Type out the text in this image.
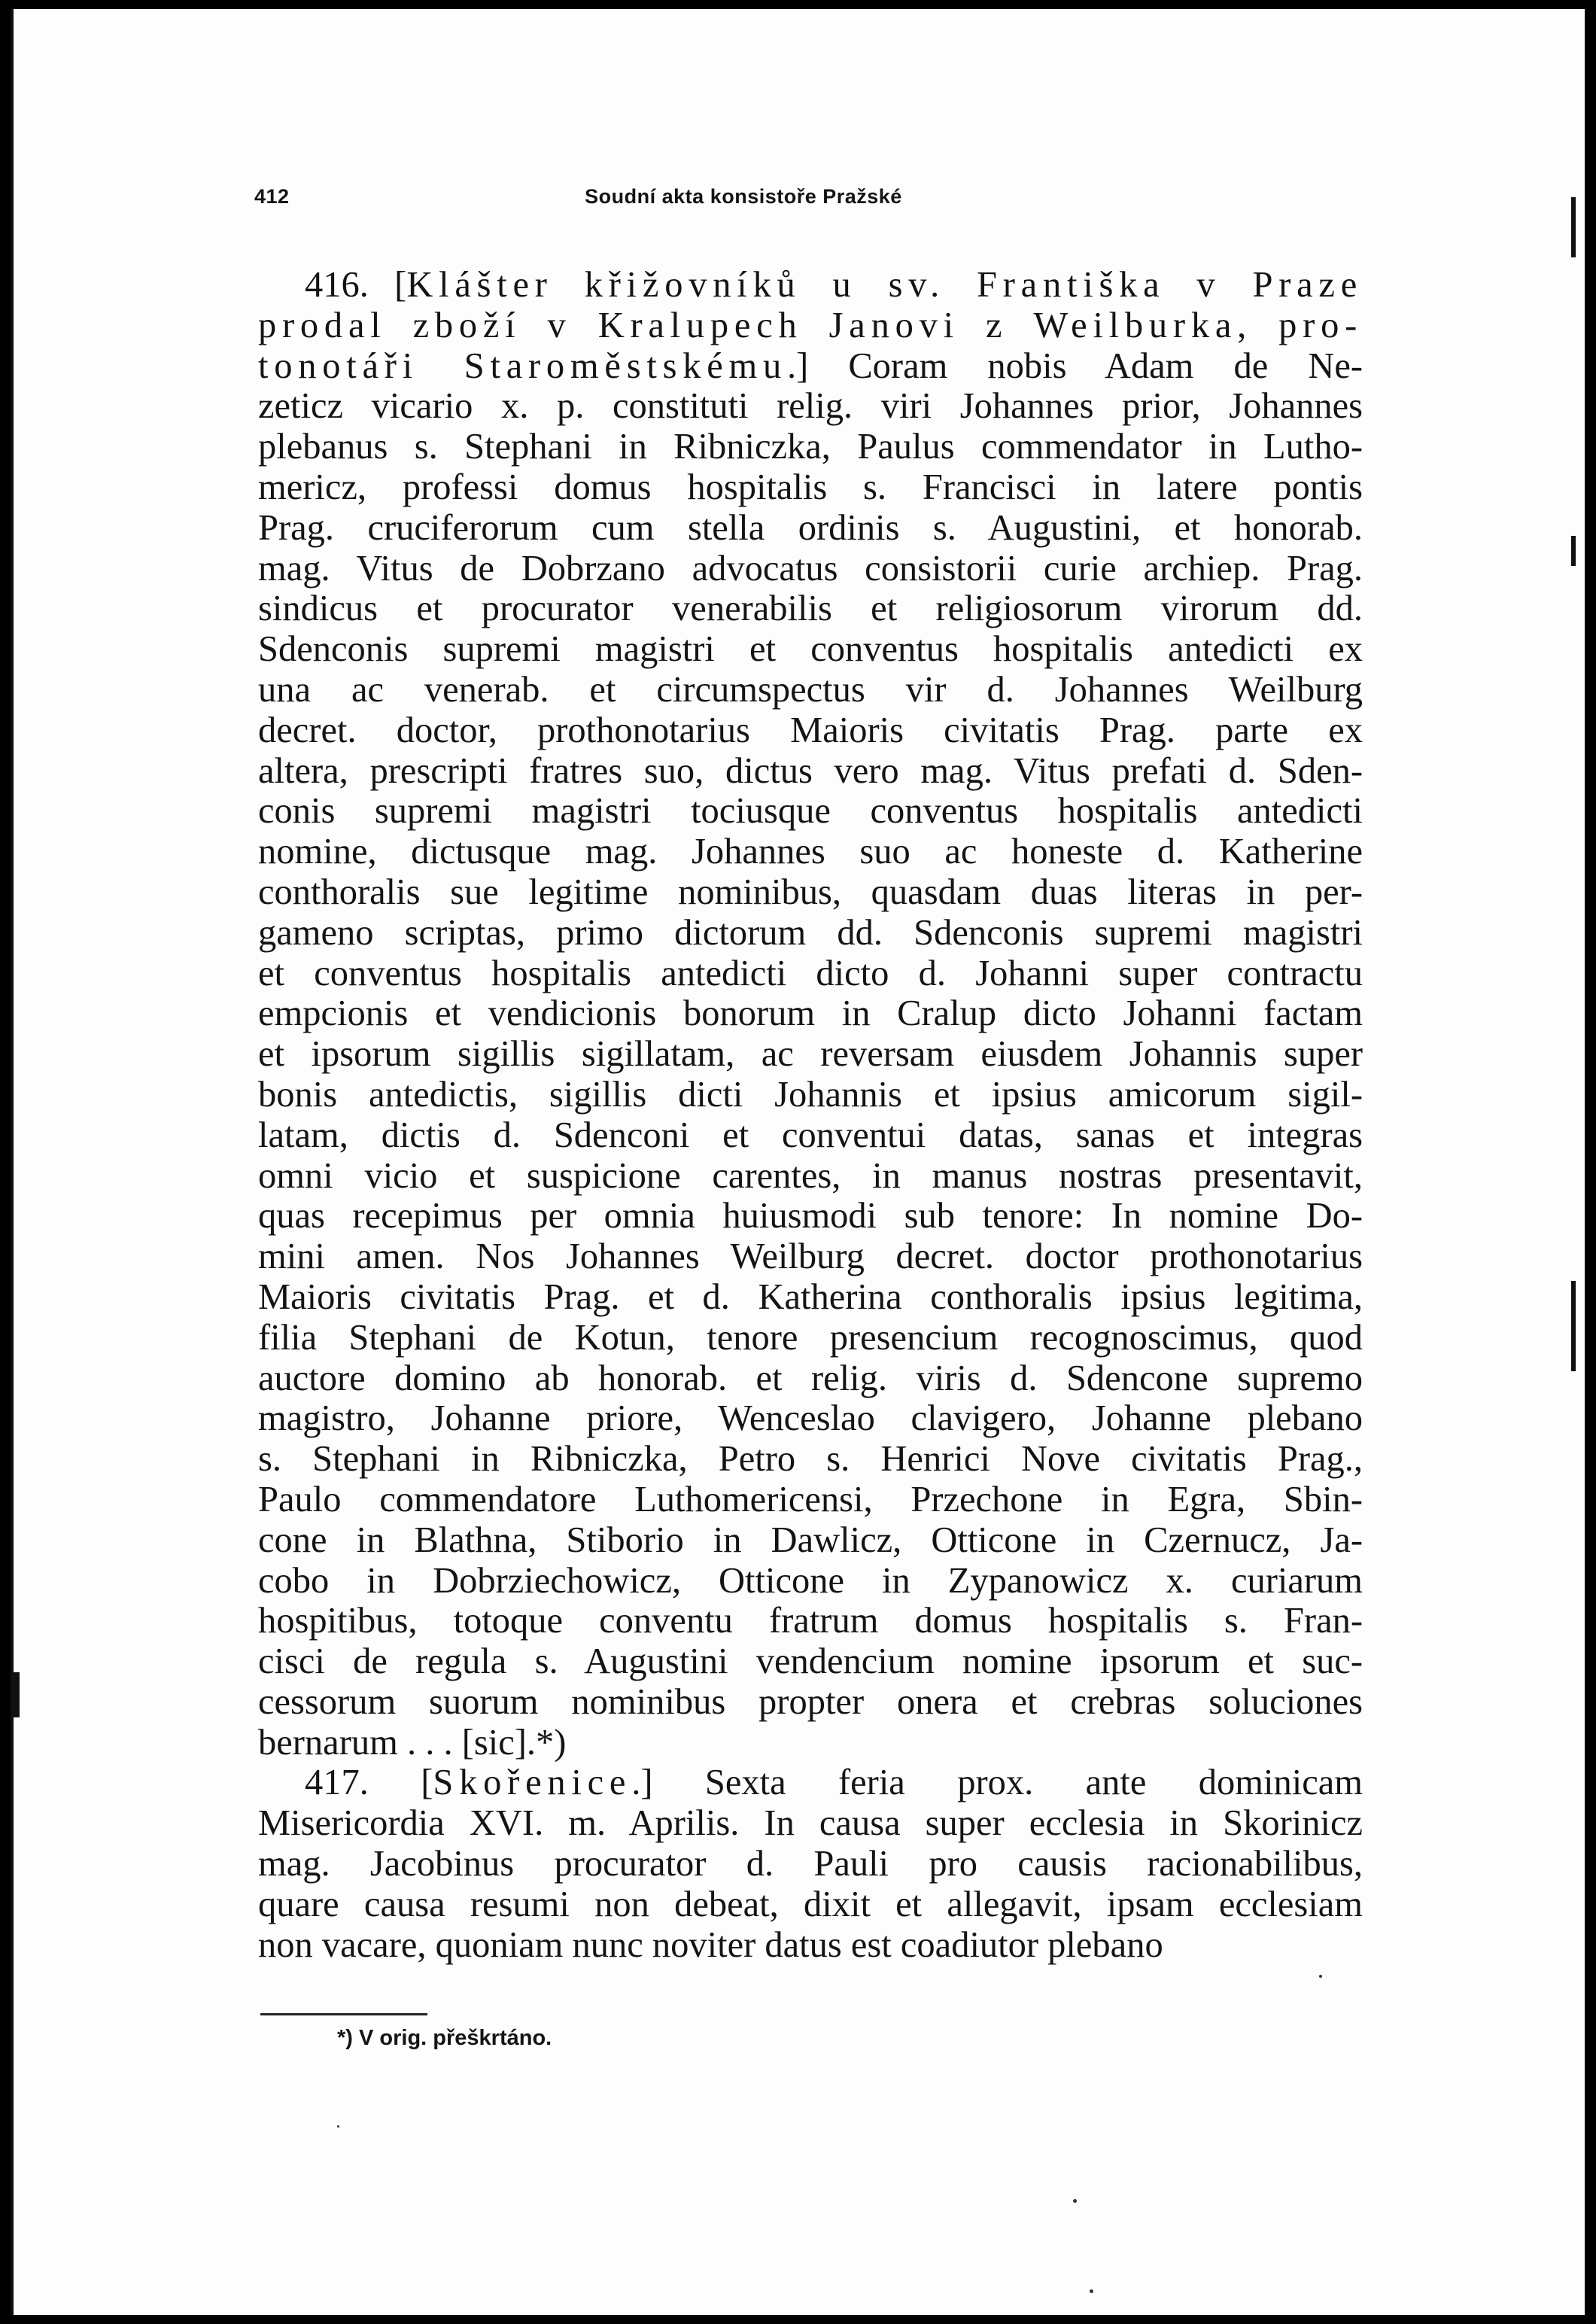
412	Soudní akta konsistoře Pražské
416. [Klášter křižovníků u sv. Františka v Praze
prodal zboží v Kralupech Janovi z Weilburka, pro-
tonotáři Staroměstskému.] Coram nobis Adam de Ne-
zeticz vicario x. p. constituti relig. viri Johannes prior, Johannes
plebanus s. Stephani in Ribniczka, Paulus commendator in Lutho-
mericz, professi domus hospitalis s. Francisci in latere pontis
Prag. cruciferorum cum stella ordinis s. Augustini, et honorab.
mag. Vitus de Dobrzano advocatus consistorii curie archiep. Prag.
sindicus et procurator venerabilis et religiosorum virorum dd.
Sdenconis supremi magistri et conventus hospitalis antedicti ex
una ac venerab. et circumspectus vir d. Johannes Weilburg
decret. doctor, prothonotarius Maioris civitatis Prag. parte ex
altera, prescripti fratres suo, dictus vero mag. Vitus prefati d. Sden-
conis supremi magistri tociusque conventus hospitalis antedicti
nomine, dictusque mag. Johannes suo ac honeste d. Katherine
conthoralis sue legitime nominibus, quasdam duas literas in per-
gameno scriptas, primo dictorum dd. Sdenconis supremi magistri
et conventus hospitalis antedicti dicto d. Johanni super contractu
empcionis et vendicionis bonorum in Cralup dicto Johanni factam
et ipsorum sigillis sigillatam, ac reversam eiusdem Johannis super
bonis antedictis, sigillis dicti Johannis et ipsius amicorum sigil-
latam, dictis d. Sdenconi et conventui datas, sanas et integras
omni vicio et suspicione carentes, in manus nostras presentavit,
quas recepimus per omnia huiusmodi sub tenore: In nomine Do-
mini amen. Nos Johannes Weilburg decret. doctor prothonotarius
Maioris civitatis Prag. et d. Katherina conthoralis ipsius legitima,
filia Stephani de Kotun, tenore presencium recognoscimus, quod
auctore domino ab honorab. et relig. viris d. Sdencone supremo
magistro, Johanne priore, Wenceslao clavigero, Johanne plebano
s. Stephani in Ribniczka, Petro s. Henrici Nove civitatis Prag.,
Paulo commendatore Luthomericensi, Przechone in Egra, Sbin-
cone in Blathna, Stiborio in Dawlicz, Otticone in Czernucz, Ja-
cobo in Dobrziechowicz, Otticone in Zypanowicz x. curiarum
hospitibus, totoque conventu fratrum domus hospitalis s. Fran-
cisci de regula s. Augustini vendencium nomine ipsorum et suc-
cessorum suorum nominibus propter onera et crebras soluciones
bernarum . . . [sic].*)
417. [Skořenice.] Sexta feria prox. ante dominicam
Misericordia XVI. m. Aprilis. In causa super ecclesia in Skorinicz
mag. Jacobinus procurator d. Pauli pro causis racionabilibus,
quare causa resumi non debeat, dixit et allegavit, ipsam ecclesiam
non vacare, quoniam nunc noviter datus est coadiutor plebano
*) V orig. přeškrtáno.
